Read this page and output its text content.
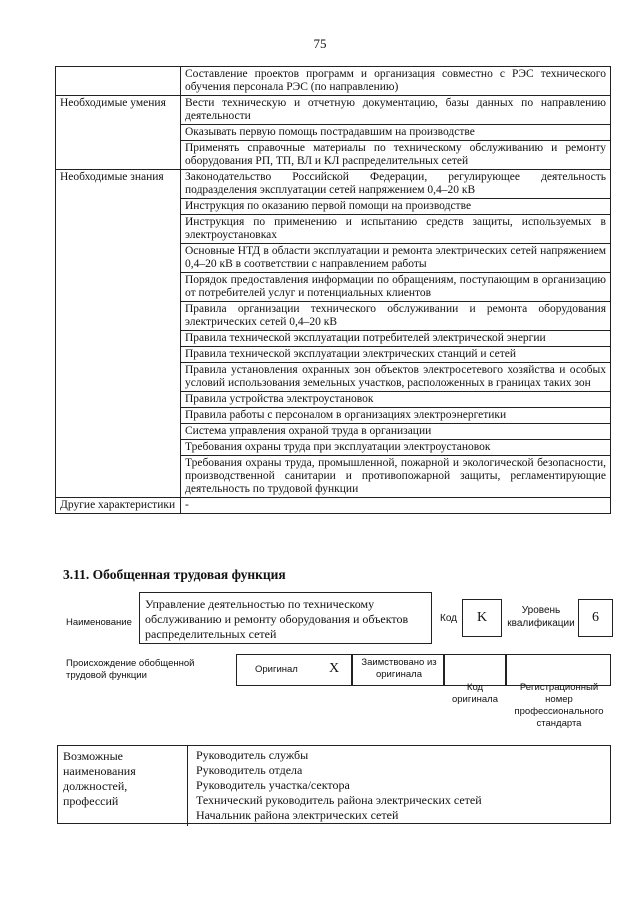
75
	Составление проектов программ и организация совместно с РЭС технического обучения персонала РЭС (по направлению)
Необходимые умения	Вести техническую и отчетную документацию, базы данных по направлению деятельности
	Оказывать первую помощь пострадавшим на производстве
	Применять справочные материалы по техническому обслуживанию и ремонту оборудования РП, ТП, ВЛ и КЛ распределительных сетей
Необходимые знания	Законодательство Российской Федерации, регулирующее деятельность подразделения эксплуатации сетей напряжением 0,4–20 кВ
	Инструкция по оказанию первой помощи на производстве
	Инструкция по применению и испытанию средств защиты, используемых в электроустановках
	Основные НТД в области эксплуатации и ремонта электрических сетей напряжением 0,4–20 кВ в соответствии с направлением работы
	Порядок предоставления информации по обращениям, поступающим в организацию от потребителей услуг и потенциальных клиентов
	Правила организации технического обслуживании и ремонта оборудования электрических сетей 0,4–20 кВ
	Правила технической эксплуатации потребителей электрической энергии
	Правила технической эксплуатации электрических станций и сетей
	Правила установления охранных зон объектов электросетевого хозяйства и особых условий использования земельных участков, расположенных в границах таких зон
	Правила устройства электроустановок
	Правила работы с персоналом в организациях электроэнергетики
	Система управления охраной труда в организации
	Требования охраны труда при эксплуатации электроустановок
	Требования охраны труда, промышленной, пожарной и экологической безопасности, производственной санитарии и противопожарной защиты, регламентирующие деятельность по трудовой функции
Другие характеристики	-
3.11. Обобщенная трудовая функция
Наименование
Управление деятельностью по техническому обслуживанию и ремонту оборудования и объектов распределительных сетей
Код	K	Уровень квалификации	6
Происхождение обобщенной трудовой функции
Оригинал X	Заимствовано из оригинала
Код оригинала
Регистрационный номер профессионального стандарта
Возможные наименования должностей, профессий	
Руководитель службы
Руководитель отдела
Руководитель участка/сектора
Технический руководитель района электрических сетей
Начальник района электрических сетей
